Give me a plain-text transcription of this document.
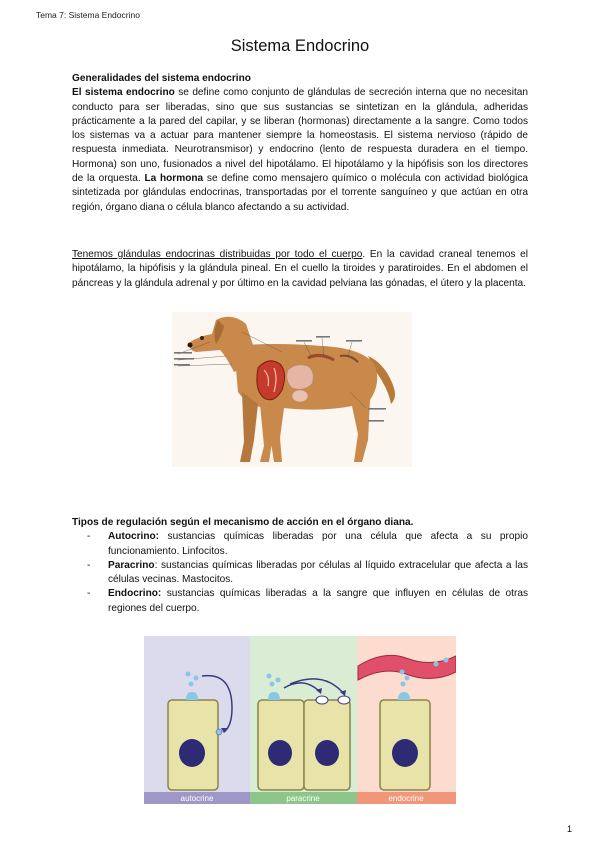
Tema 7: Sistema Endocrino
Sistema Endocrino
Generalidades del sistema endocrino
El sistema endocrino se define como conjunto de glándulas de secreción interna que no necesitan conducto para ser liberadas, sino que sus sustancias se sintetizan en la glándula, adheridas prácticamente a la pared del capilar, y se liberan (hormonas) directamente a la sangre. Como todos los sistemas va a actuar para mantener siempre la homeostasis. El sistema nervioso (rápido de respuesta inmediata. Neurotransmisor) y endocrino (lento de respuesta duradera en el tiempo. Hormona) son uno, fusionados a nivel del hipotálamo. El hipotálamo y la hipófisis son los directores de la orquesta. La hormona se define como mensajero químico o molécula con actividad biológica sintetizada por glándulas endocrinas, transportadas por el torrente sanguíneo y que actúan en otra región, órgano diana o célula blanco afectando a su actividad.
Tenemos glándulas endocrinas distribuidas por todo el cuerpo. En la cavidad craneal tenemos el hipotálamo, la hipófisis y la glándula pineal. En el cuello la tiroides y paratiroides. En el abdomen el páncreas y la glándula adrenal y por último en la cavidad pelviana las gónadas, el útero y la placenta.
Tipos de regulación según el mecanismo de acción en el órgano diana.
- Autocrino: sustancias químicas liberadas por una célula que afecta a su propio funcionamiento. Linfocitos.
- Paracrino: sustancias químicas liberadas por células al líquido extracelular que afecta a las células vecinas. Mastocitos.
- Endocrino: sustancias químicas liberadas a la sangre que influyen en células de otras regiones del cuerpo.
autocrine	paracrine	endocrine
1
